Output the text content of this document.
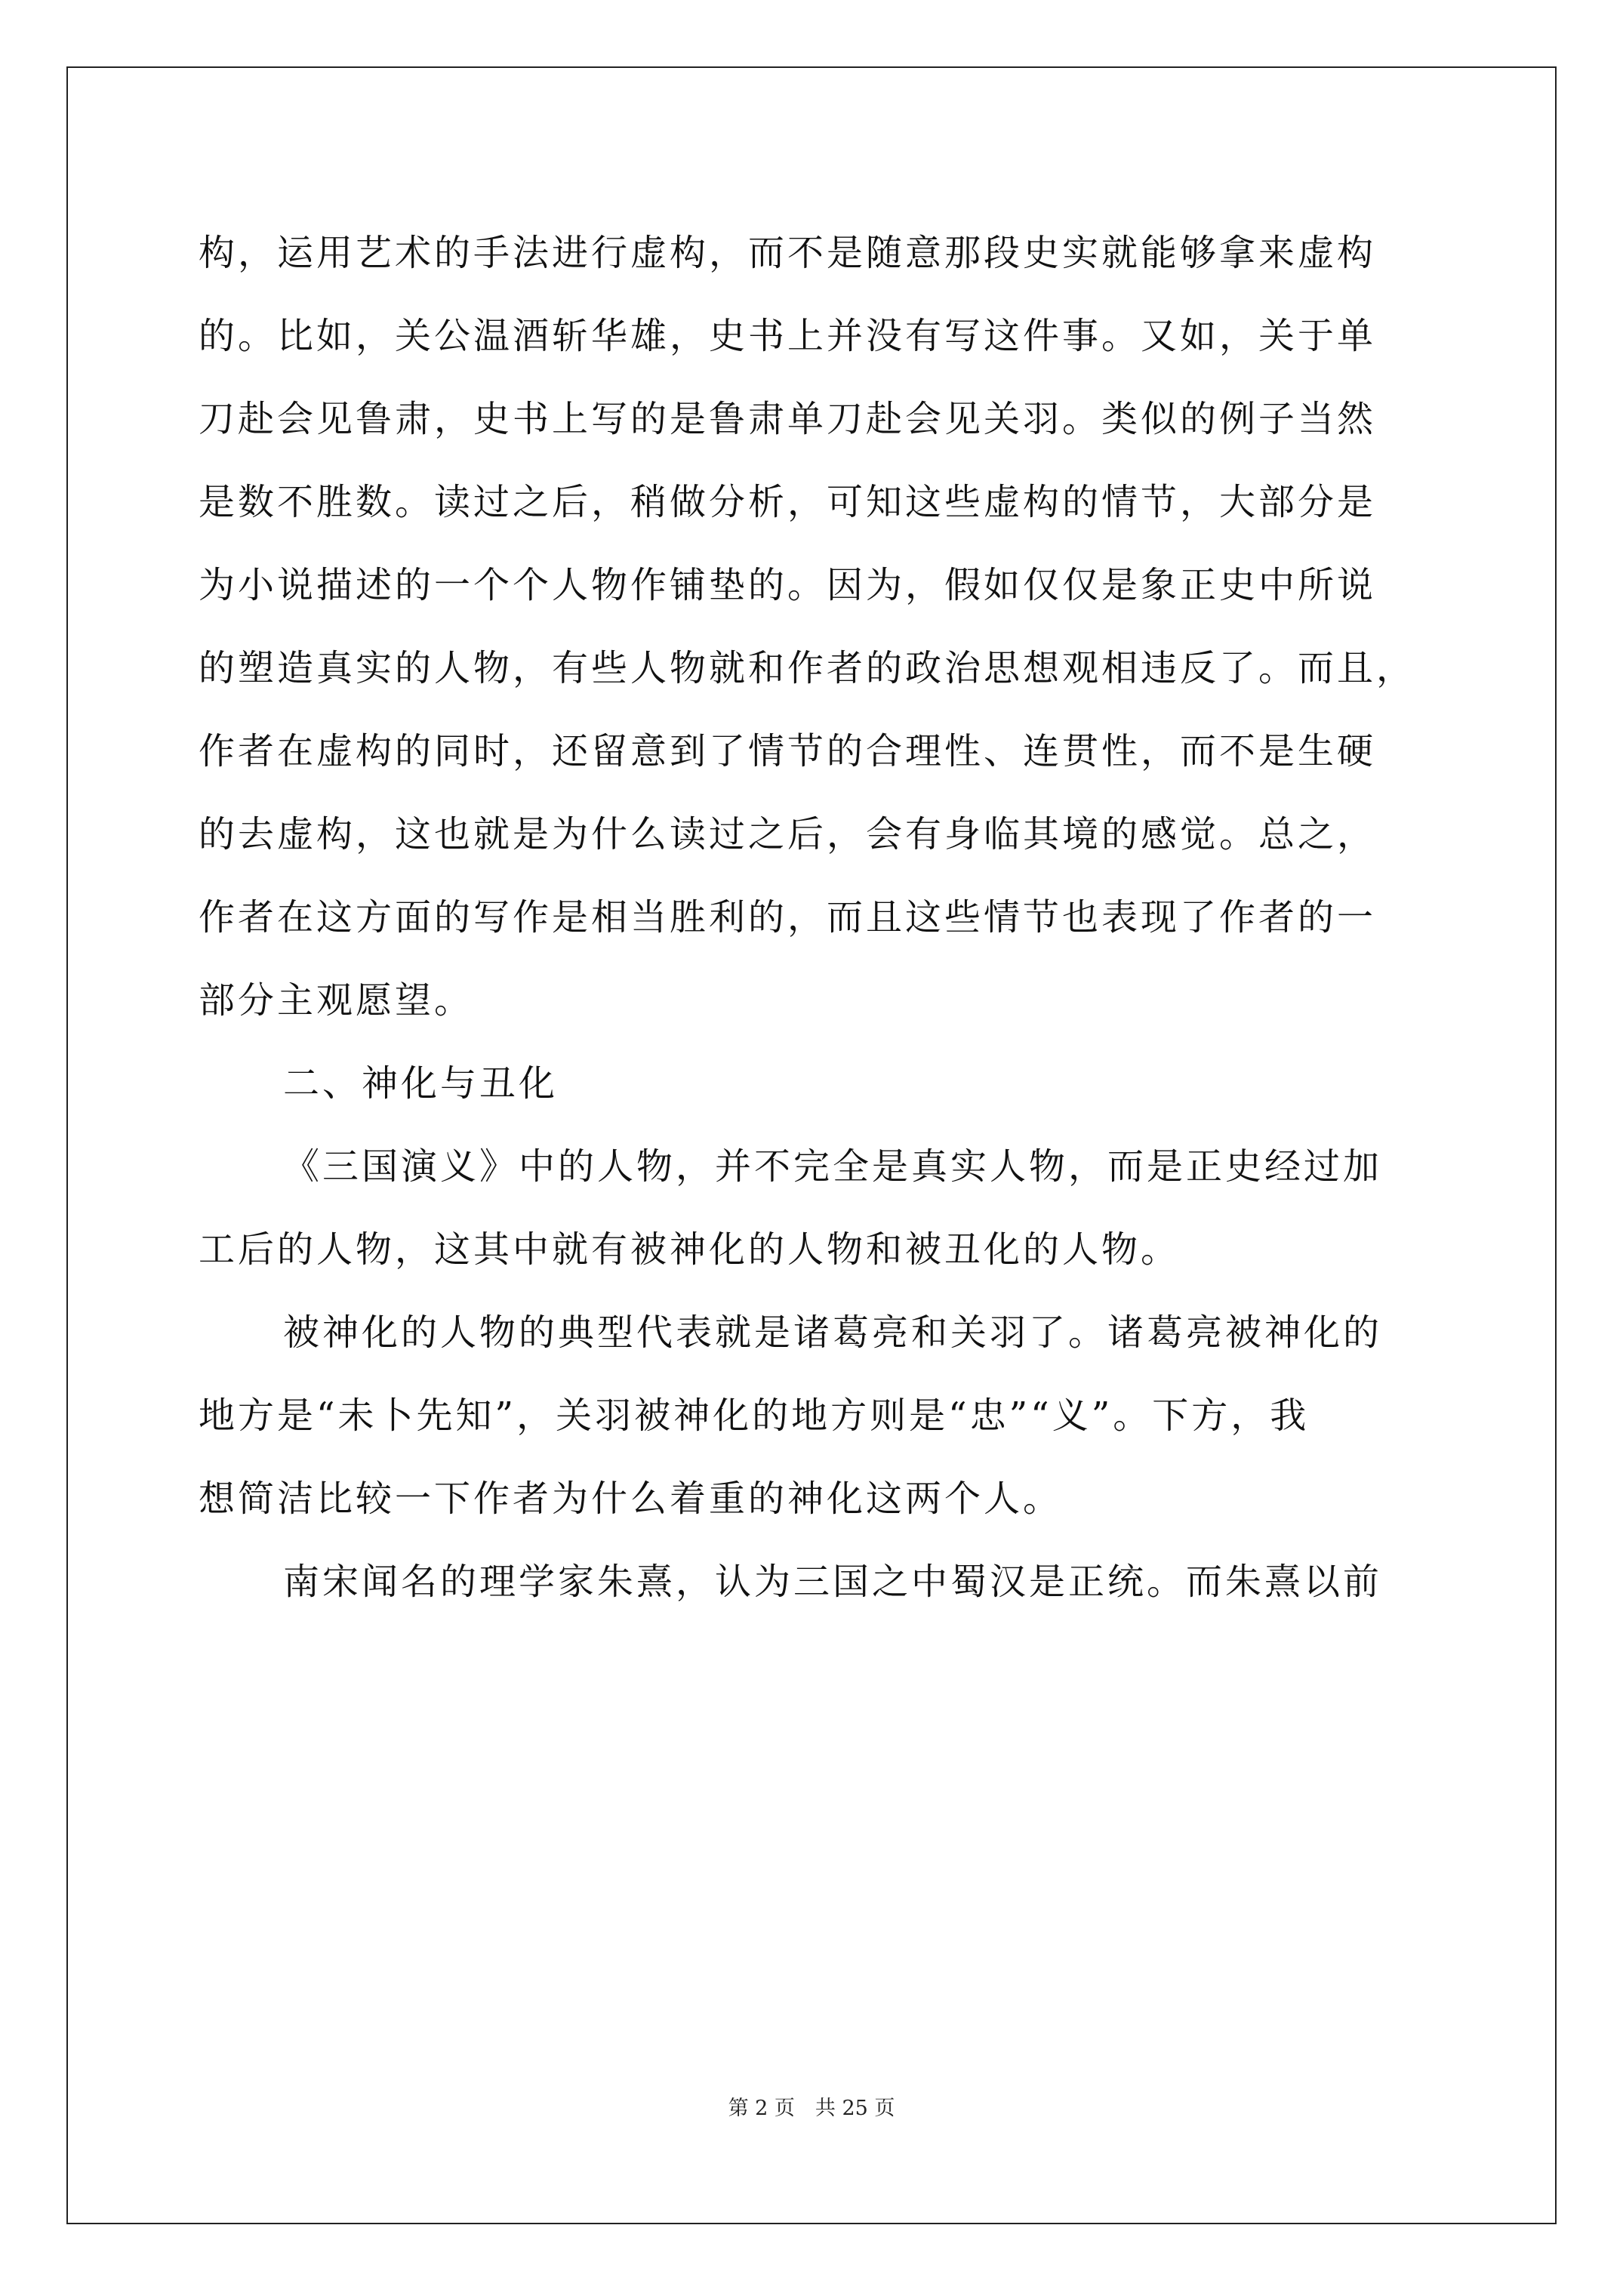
构，运用艺术的手法进行虚构，而不是随意那段史实就能够拿来虚构
的。比如，关公温酒斩华雄，史书上并没有写这件事。又如，关于单
刀赴会见鲁肃，史书上写的是鲁肃单刀赴会见关羽。类似的例子当然
是数不胜数。读过之后，稍做分析，可知这些虚构的情节，大部分是
为小说描述的一个个人物作铺垫的。因为，假如仅仅是象正史中所说
的塑造真实的人物，有些人物就和作者的政治思想观相违反了。而且，
作者在虚构的同时，还留意到了情节的合理性、连贯性，而不是生硬
的去虚构，这也就是为什么读过之后，会有身临其境的感觉。总之，
作者在这方面的写作是相当胜利的，而且这些情节也表现了作者的一
部分主观愿望。
二、神化与丑化
《三国演义》中的人物，并不完全是真实人物，而是正史经过加
工后的人物，这其中就有被神化的人物和被丑化的人物。
被神化的人物的典型代表就是诸葛亮和关羽了。诸葛亮被神化的
地方是“未卜先知”，关羽被神化的地方则是“忠”“义”。下方，我
想简洁比较一下作者为什么着重的神化这两个人。
南宋闻名的理学家朱熹，认为三国之中蜀汉是正统。而朱熹以前
第 2 页　共 25 页
